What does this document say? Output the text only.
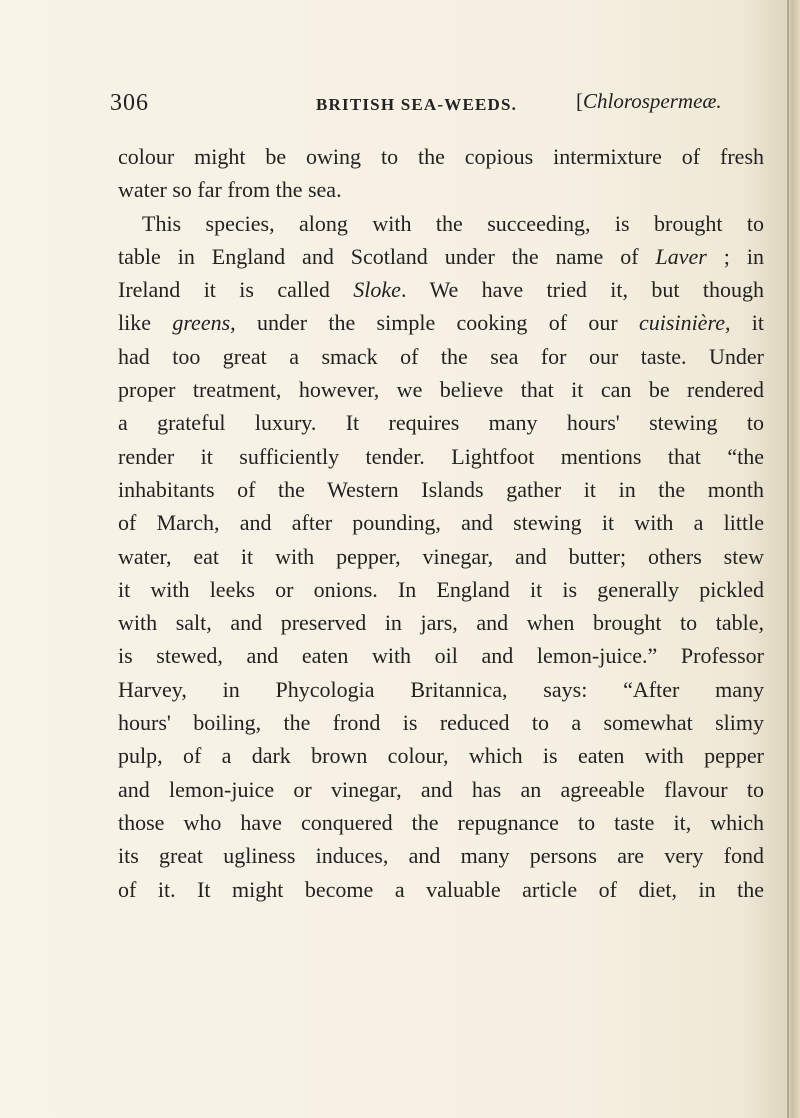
306	BRITISH SEA-WEEDS.	[Chlorospermeæ.
colour might be owing to the copious intermixture of fresh
water so far from the sea.
This species, along with the succeeding, is brought to
table in England and Scotland under the name of Laver ; in
Ireland it is called Sloke. We have tried it, but though
like greens, under the simple cooking of our cuisinière, it
had too great a smack of the sea for our taste. Under
proper treatment, however, we believe that it can be rendered
a grateful luxury. It requires many hours' stewing to
render it sufficiently tender. Lightfoot mentions that “the
inhabitants of the Western Islands gather it in the month
of March, and after pounding, and stewing it with a little
water, eat it with pepper, vinegar, and butter; others stew
it with leeks or onions. In England it is generally pickled
with salt, and preserved in jars, and when brought to table,
is stewed, and eaten with oil and lemon-juice.” Professor
Harvey, in Phycologia Britannica, says: “After many
hours' boiling, the frond is reduced to a somewhat slimy
pulp, of a dark brown colour, which is eaten with pepper
and lemon-juice or vinegar, and has an agreeable flavour to
those who have conquered the repugnance to taste it, which
its great ugliness induces, and many persons are very fond
of it. It might become a valuable article of diet, in the
